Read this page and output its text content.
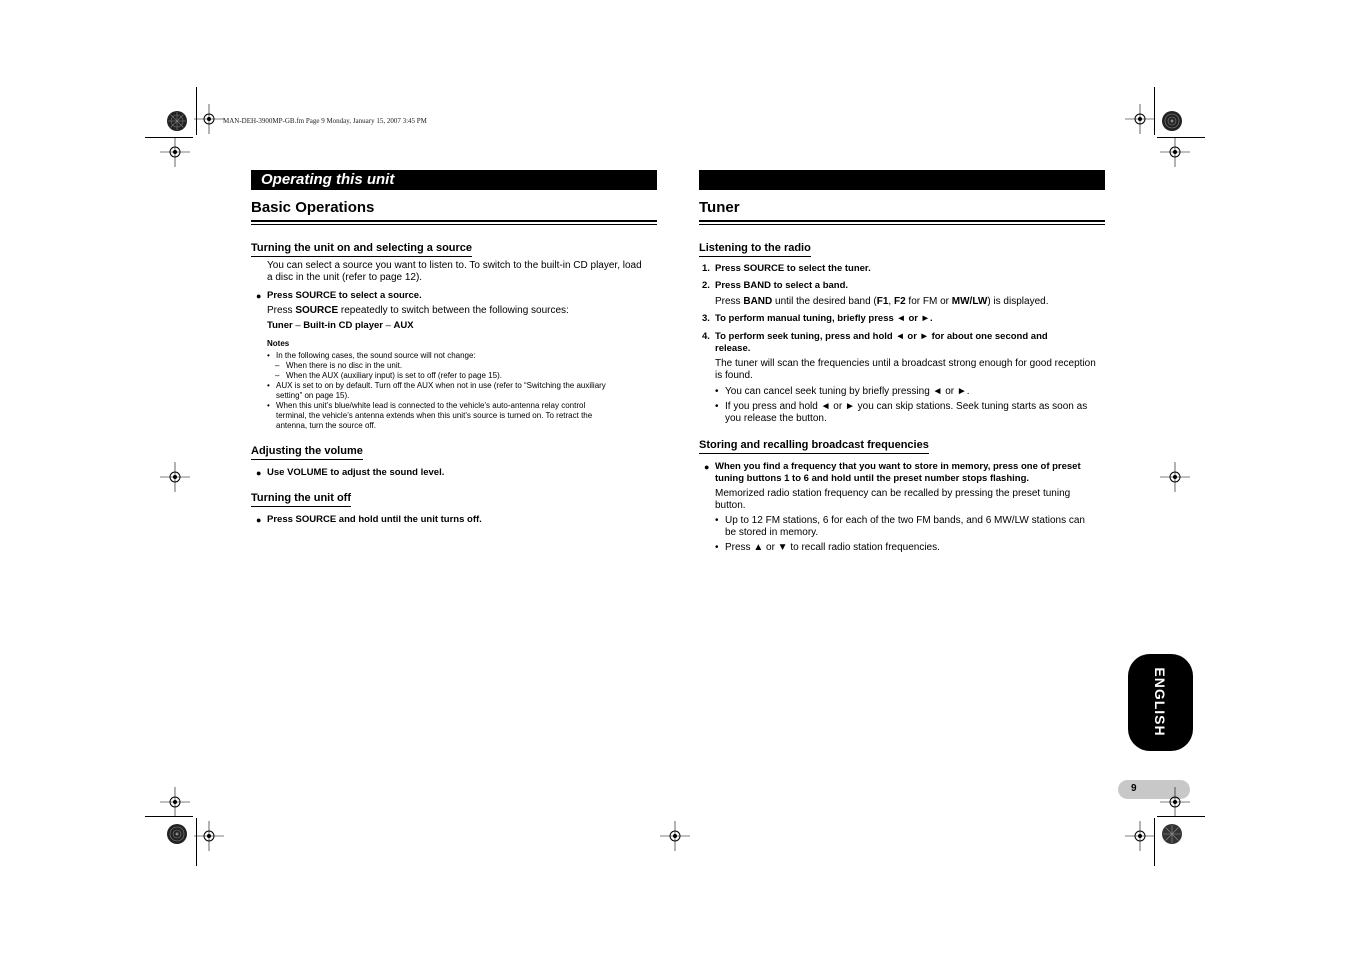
MAN-DEH-3900MP-GB.fm Page 9 Monday, January 15, 2007 3:45 PM
Operating this unit
Basic Operations
Turning the unit on and selecting a source

You can select a source you want to listen to. To switch to the built-in CD player, load

a disc in the unit (refer to page 12).

● Press SOURCE to select a source.

Press SOURCE repeatedly to switch between the following sources:

Tuner – Built-in CD player – AUX

Notes

• In the following cases, the sound source will not change:

– When there is no disc in the unit.

– When the AUX (auxiliary input) is set to off (refer to page 15).

• AUX is set to on by default. Turn off the AUX when not in use (refer to “Switching the auxiliary

setting” on page 15).

• When this unit’s blue/white lead is connected to the vehicle’s auto-antenna relay control

terminal, the vehicle’s antenna extends when this unit’s source is turned on. To retract the

antenna, turn the source off.

Adjusting the volume

● Use VOLUME to adjust the sound level.

Turning the unit off

● Press SOURCE and hold until the unit turns off.

Tuner
Listening to the radio

1. Press SOURCE to select the tuner.

2. Press BAND to select a band.

Press BAND until the desired band (F1, F2 for FM or MW/LW) is displayed.

3. To perform manual tuning, briefly press ◄ or ►.

4. To perform seek tuning, press and hold ◄ or ► for about one second and

release.

The tuner will scan the frequencies until a broadcast strong enough for good reception

is found.

• You can cancel seek tuning by briefly pressing ◄ or ►.

• If you press and hold ◄ or ► you can skip stations. Seek tuning starts as soon as

you release the button.

Storing and recalling broadcast frequencies

● When you find a frequency that you want to store in memory, press one of preset

tuning buttons 1 to 6 and hold until the preset number stops flashing.

Memorized radio station frequency can be recalled by pressing the preset tuning

button.

• Up to 12 FM stations, 6 for each of the two FM bands, and 6 MW/LW stations can

be stored in memory.

• Press ▲ or ▼ to recall radio station frequencies.

ENGLISH
9
